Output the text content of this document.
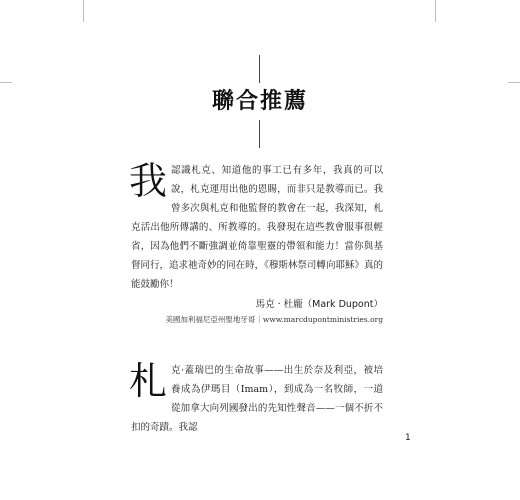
聯合推薦
我認識札克、知道他的事工已有多年，我真的可以說，札克運用出他的恩賜，而非只是教導而已。我曾多次與札克和他監督的教會在一起，我深知，札克活出他所傳講的、所教導的。我發現在這些教會服事很輕省，因為他們不斷強調並倚靠聖靈的帶領和能力！當你與基督同行，追求祂奇妙的同在時，《穆斯林祭司轉向耶穌》真的能鼓勵你！
馬克 · 杜龐（Mark Dupont）
美國加利福尼亞州聖地牙哥｜www.marcdupontministries.org
札克·蓋瑞巴的生命故事——出生於奈及利亞，被培養成為伊瑪目（Imam），到成為一名牧師，一道從加拿大向列國發出的先知性聲音——一個不折不扣的奇蹟。我認
1
